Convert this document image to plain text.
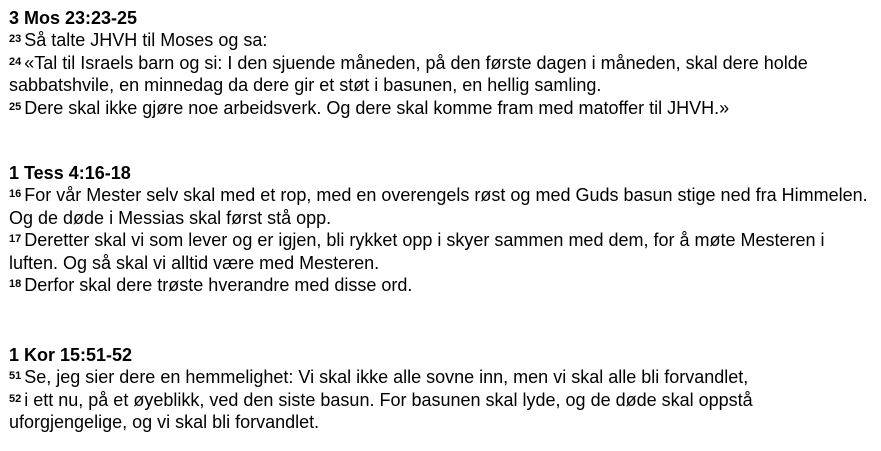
3 Mos 23:23-25

$^{23}$ Så talte JHVH til Moses og sa:

$^{24}$ «Tal til Israels barn og si: I den sjuende måneden, på den første dagen i måneden, skal dere holde sabbatshvile, en minnedag da dere gir et støt i basunen, en hellig samling.

$^{25}$ Dere skal ikke gjøre noe arbeidsverk. Og dere skal komme fram med matoffer til JHVH.»

1 Tess 4:16-18

$^{16}$ For vår Mester selv skal med et rop, med en overengels røst og med Guds basun stige ned fra Himmelen. Og de døde i Messias skal først stå opp.

$^{17}$ Deretter skal vi som lever og er igjen, bli rykket opp i skyer sammen med dem, for å møte Mesteren i luften. Og så skal vi alltid være med Mesteren.

$^{18}$ Derfor skal dere trøste hverandre med disse ord.

1 Kor 15:51-52

$^{51}$ Se, jeg sier dere en hemmelighet: Vi skal ikke alle sovne inn, men vi skal alle bli forvandlet,

$^{52}$ i ett nu, på et øyeblikk, ved den siste basun. For basunen skal lyde, og de døde skal oppstå uforgjengelige, og vi skal bli forvandlet.
